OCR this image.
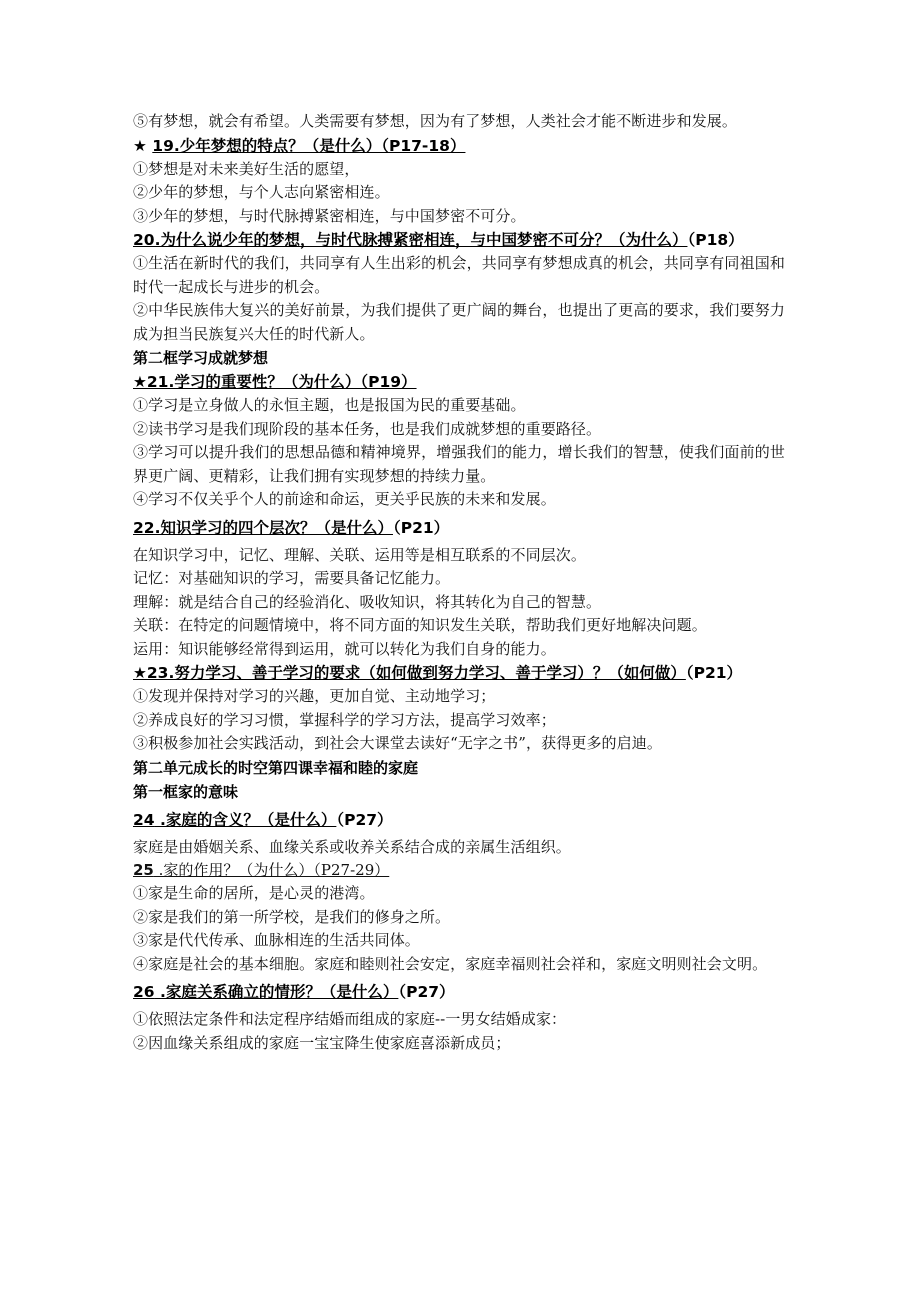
⑤有梦想，就会有希望。人类需要有梦想，因为有了梦想，人类社会才能不断进步和发展。

★ 19.少年梦想的特点？（是什么）（P17-18）

①梦想是对未来美好生活的愿望，

②少年的梦想，与个人志向紧密相连。

③少年的梦想，与时代脉搏紧密相连，与中国梦密不可分。

20.为什么说少年的梦想，与时代脉搏紧密相连，与中国梦密不可分？（为什么）（P18）

①生活在新时代的我们，共同享有人生出彩的机会，共同享有梦想成真的机会，共同享有同祖国和时代一起成长与进步的机会。

②中华民族伟大复兴的美好前景，为我们提供了更广阔的舞台，也提出了更高的要求，我们要努力成为担当民族复兴大任的时代新人。

第二框学习成就梦想

★21.学习的重要性？（为什么）（P19）

①学习是立身做人的永恒主题，也是报国为民的重要基础。

②读书学习是我们现阶段的基本任务，也是我们成就梦想的重要路径。

③学习可以提升我们的思想品德和精神境界，增强我们的能力，增长我们的智慧，使我们面前的世界更广阔、更精彩，让我们拥有实现梦想的持续力量。

④学习不仅关乎个人的前途和命运，更关乎民族的未来和发展。

22.知识学习的四个层次？（是什么）（P21）

在知识学习中，记忆、理解、关联、运用等是相互联系的不同层次。

记忆：对基础知识的学习，需要具备记忆能力。

理解：就是结合自己的经验消化、吸收知识，将其转化为自己的智慧。

关联：在特定的问题情境中，将不同方面的知识发生关联，帮助我们更好地解决问题。

运用：知识能够经常得到运用，就可以转化为我们自身的能力。

★23.努力学习、善于学习的要求（如何做到努力学习、善于学习）？（如何做）（P21）

①发现并保持对学习的兴趣，更加自觉、主动地学习；

②养成良好的学习习惯，掌握科学的学习方法，提高学习效率；

③积极参加社会实践活动，到社会大课堂去读好“无字之书”，获得更多的启迪。

第二单元成长的时空第四课幸福和睦的家庭

第一框家的意味

24 .家庭的含义？（是什么）（P27）

家庭是由婚姻关系、血缘关系或收养关系结合成的亲属生活组织。

25 .家的作用？（为什么）（P27-29）

①家是生命的居所，是心灵的港湾。

②家是我们的第一所学校，是我们的修身之所。

③家是代代传承、血脉相连的生活共同体。

④家庭是社会的基本细胞。家庭和睦则社会安定，家庭幸福则社会祥和，家庭文明则社会文明。

26 .家庭关系确立的情形？（是什么）（P27）

①依照法定条件和法定程序结婚而组成的家庭--一男女结婚成家：

②因血缘关系组成的家庭一宝宝降生使家庭喜添新成员；
